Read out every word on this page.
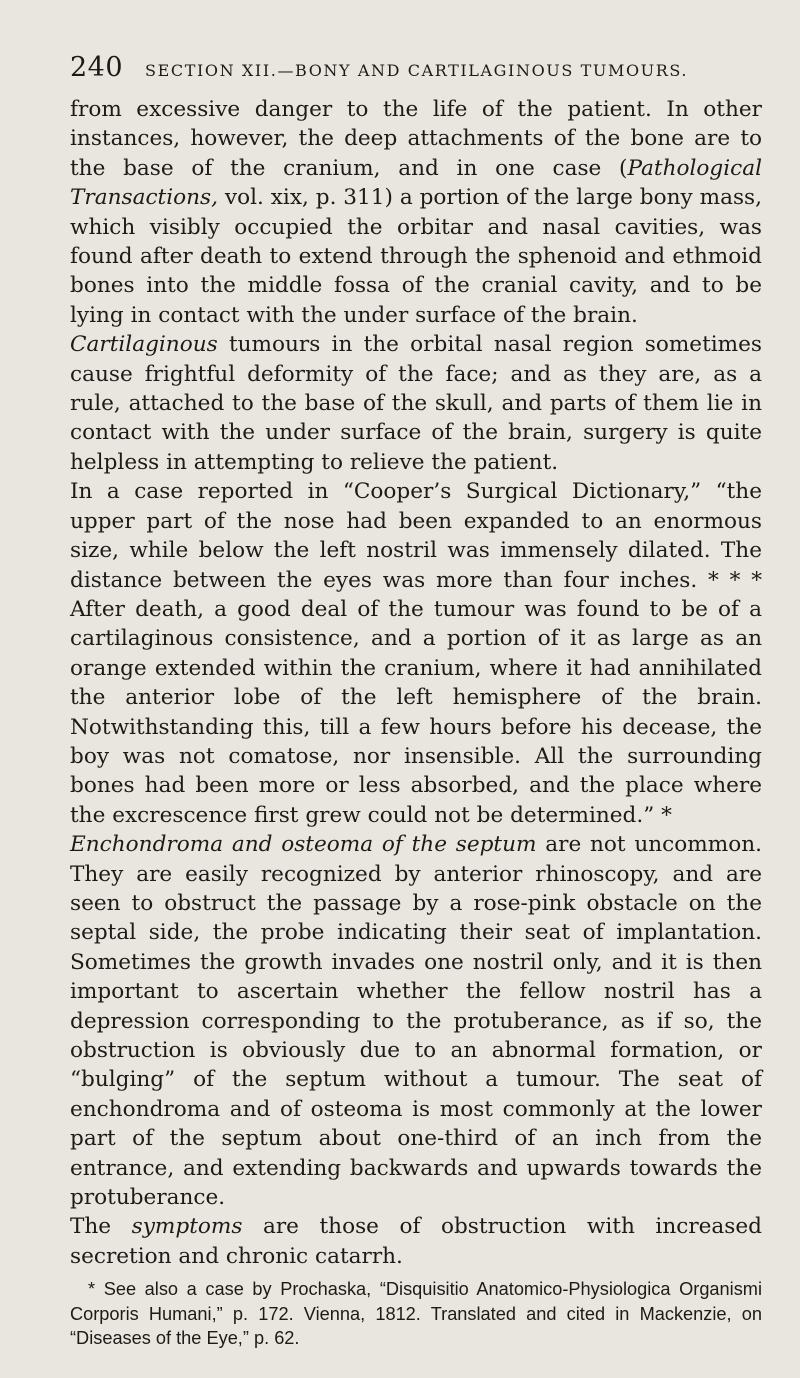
240 SECTION XII.—BONY AND CARTILAGINOUS TUMOURS.

from excessive danger to the life of the patient. In other instances, however, the deep attachments of the bone are to the base of the cranium, and in one case (Pathological Transactions, vol. xix, p. 311) a portion of the large bony mass, which visibly occupied the orbitar and nasal cavities, was found after death to extend through the sphenoid and ethmoid bones into the middle fossa of the cranial cavity, and to be lying in contact with the under surface of the brain.

Cartilaginous tumours in the orbital nasal region sometimes cause frightful deformity of the face; and as they are, as a rule, attached to the base of the skull, and parts of them lie in contact with the under surface of the brain, surgery is quite helpless in attempting to relieve the patient.

In a case reported in “Cooper’s Surgical Dictionary,” “the upper part of the nose had been expanded to an enormous size, while below the left nostril was immensely dilated. The distance between the eyes was more than four inches. * * * After death, a good deal of the tumour was found to be of a cartilaginous consistence, and a portion of it as large as an orange extended within the cranium, where it had annihilated the anterior lobe of the left hemisphere of the brain. Notwithstanding this, till a few hours before his decease, the boy was not comatose, nor insensible. All the surrounding bones had been more or less absorbed, and the place where the excrescence first grew could not be determined.” *

Enchondroma and osteoma of the septum are not uncommon. They are easily recognized by anterior rhinoscopy, and are seen to obstruct the passage by a rose-pink obstacle on the septal side, the probe indicating their seat of implantation. Sometimes the growth invades one nostril only, and it is then important to ascertain whether the fellow nostril has a depression corresponding to the protuberance, as if so, the obstruction is obviously due to an abnormal formation, or “bulging” of the septum without a tumour. The seat of enchondroma and of osteoma is most commonly at the lower part of the septum about one-third of an inch from the entrance, and extending backwards and upwards towards the protuberance.

The symptoms are those of obstruction with increased secretion and chronic catarrh.

* See also a case by Prochaska, “Disquisitio Anatomico-Physiologica Organismi Corporis Humani,” p. 172. Vienna, 1812. Translated and cited in Mackenzie, on “Diseases of the Eye,” p. 62.
